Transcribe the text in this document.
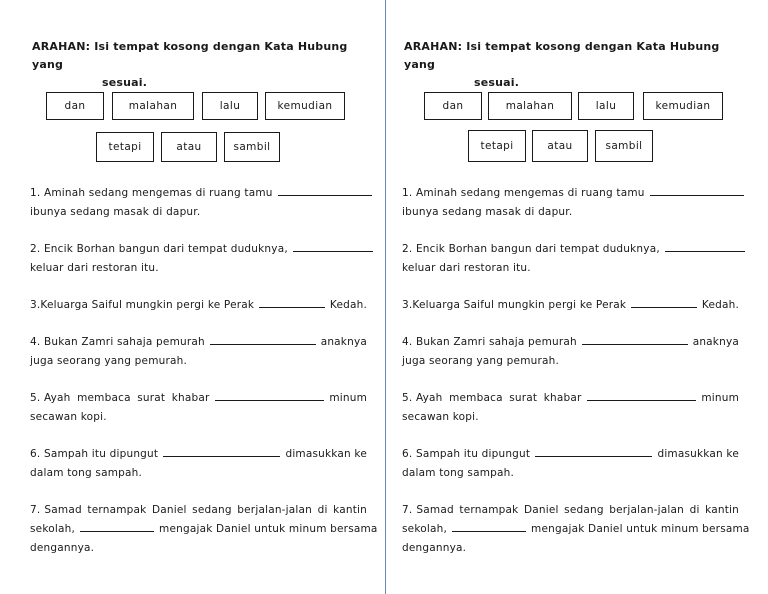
ARAHAN: Isi tempat kosong dengan Kata Hubung yang
sesuai.
dan	malahan	lalu	kemudian
tetapi	atau	sambil
1. Aminah sedang mengemas di ruang tamu
ibunya sedang masak di dapur.
2. Encik Borhan bangun dari tempat duduknya,
keluar dari restoran itu.
3.Keluarga Saiful mungkin pergi ke Perak	Kedah.
4. Bukan Zamri sahaja pemurah	anaknya
juga seorang yang pemurah.
5. Ayah membaca surat khabar	minum
secawan kopi.
6. Sampah itu dipungut	dimasukkan ke
dalam tong sampah.
7. Samad ternampak Daniel sedang berjalan-jalan di kantin
sekolah,	mengajak Daniel untuk minum bersama
dengannya.
ARAHAN: Isi tempat kosong dengan Kata Hubung yang
sesuai.
dan	malahan	lalu	kemudian
tetapi	atau	sambil
1. Aminah sedang mengemas di ruang tamu
ibunya sedang masak di dapur.
2. Encik Borhan bangun dari tempat duduknya,
keluar dari restoran itu.
3.Keluarga Saiful mungkin pergi ke Perak	Kedah.
4. Bukan Zamri sahaja pemurah	anaknya
juga seorang yang pemurah.
5. Ayah membaca surat khabar	minum
secawan kopi.
6. Sampah itu dipungut	dimasukkan ke
dalam tong sampah.
7. Samad ternampak Daniel sedang berjalan-jalan di kantin
sekolah,	mengajak Daniel untuk minum bersama
dengannya.
